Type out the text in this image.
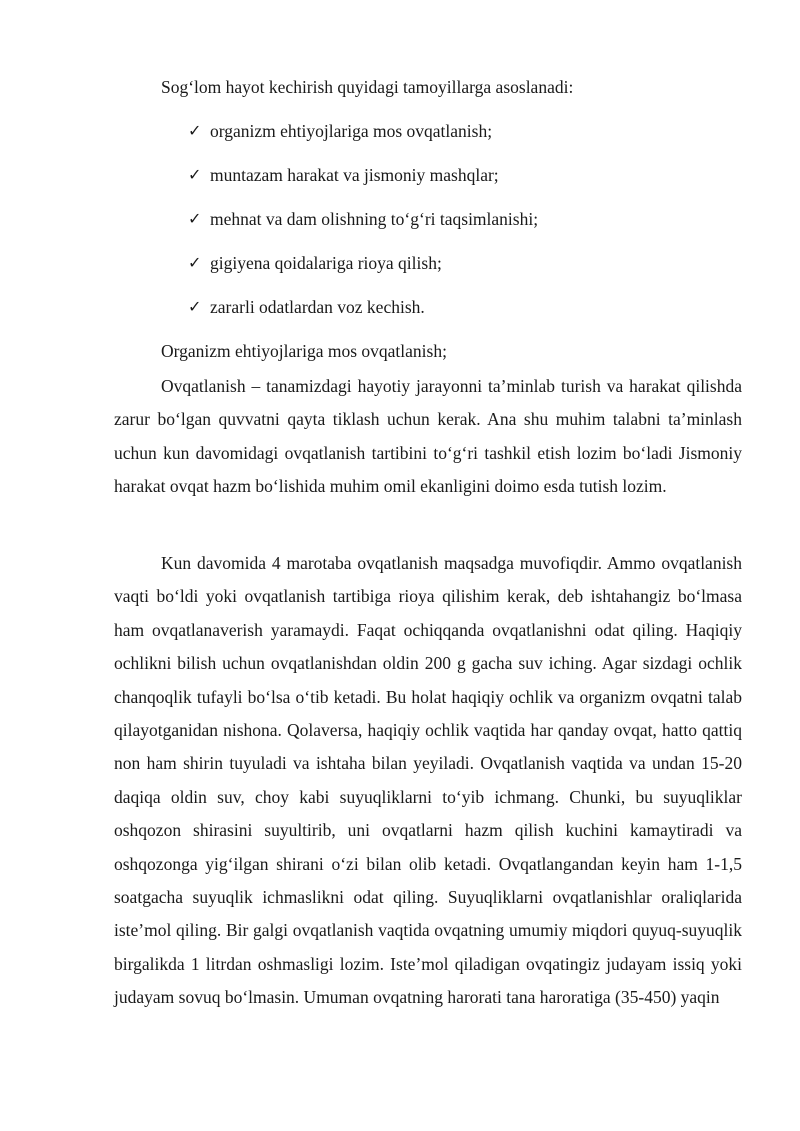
Sog‘lom hayot kechirish quyidagi tamoyillarga asoslanadi:
✓ organizm ehtiyojlariga mos ovqatlanish;
✓ muntazam harakat va jismoniy mashqlar;
✓ mehnat va dam olishning to‘g‘ri taqsimlanishi;
✓ gigiyena qoidalariga rioya qilish;
✓ zararli odatlardan voz kechish.
Organizm ehtiyojlariga mos ovqatlanish;

Ovqatlanish – tanamizdagi hayotiy jarayonni ta’minlab turish va harakat qilishda zarur bo‘lgan quvvatni qayta tiklash uchun kerak. Ana shu muhim talabni ta’minlash uchun kun davomidagi ovqatlanish tartibini to‘g‘ri tashkil etish lozim bo‘ladi Jismoniy harakat ovqat hazm bo‘lishida muhim omil ekanligini doimo esda tutish lozim.

Kun davomida 4 marotaba ovqatlanish maqsadga muvofiqdir. Ammo ovqatlanish vaqti bo‘ldi yoki ovqatlanish tartibiga rioya qilishim kerak, deb ishtahangiz bo‘lmasa ham ovqatlanaverish yaramaydi. Faqat ochiqqanda ovqatlanishni odat qiling. Haqiqiy ochlikni bilish uchun ovqatlanishdan oldin 200 g gacha suv iching. Agar sizdagi ochlik chanqoqlik tufayli bo‘lsa o‘tib ketadi. Bu holat haqiqiy ochlik va organizm ovqatni talab qilayotganidan nishona. Qolaversa, haqiqiy ochlik vaqtida har qanday ovqat, hatto qattiq non ham shirin tuyuladi va ishtaha bilan yeyiladi. Ovqatlanish vaqtida va undan 15-20 daqiqa oldin suv, choy kabi suyuqliklarni to‘yib ichmang. Chunki, bu suyuqliklar oshqozon shirasini suyultirib, uni ovqatlarni hazm qilish kuchini kamaytiradi va oshqozonga yig‘ilgan shirani o‘zi bilan olib ketadi. Ovqatlangandan keyin ham 1-1,5 soatgacha suyuqlik ichmaslikni odat qiling. Suyuqliklarni ovqatlanishlar oraliqlarida iste’mol qiling. Bir galgi ovqatlanish vaqtida ovqatning umumiy miqdori quyuq-suyuqlik birgalikda 1 litrdan oshmasligi lozim. Iste’mol qiladigan ovqatingiz judayam issiq yoki judayam sovuq bo‘lmasin. Umuman ovqatning harorati tana haroratiga (35-450) yaqin
